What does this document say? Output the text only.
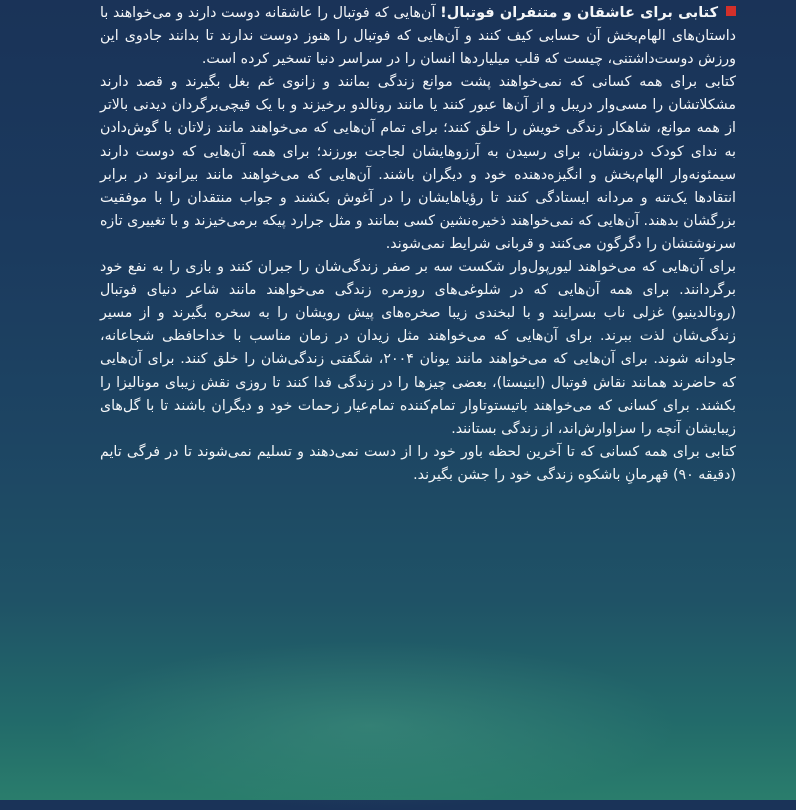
کتابی برای عاشقان و متنفران فوتبال! آن‌هایی که فوتبال را عاشقانه دوست دارند و می‌خواهند با داستان‌های الهام‌بخش آن حسابی کیف کنند و آن‌هایی که فوتبال را هنوز دوست ندارند تا بدانند جادوی این ورزش دوست‌داشتنی، چیست که قلب میلیاردها انسان را در سراسر دنیا تسخیر کرده است.

کتابی برای همه کسانی که نمی‌خواهند پشت موانع زندگی بمانند و زانوی غم بغل بگیرند و قصد دارند مشکلاتشان را مسی‌وار دریبل و از آن‌ها عبور کنند یا مانند رونالدو برخیزند و با یک قیچی‌برگردان دیدنی بالاتر از همه موانع، شاهکار زندگی خویش را خلق کنند؛ برای تمام آن‌هایی که می‌خواهند مانند زلاتان با گوش‌دادن به ندای کودک درونشان، برای رسیدن به آرزوهایشان لجاجت بورزند؛ برای همه آن‌هایی که دوست دارند سیمئونه‌وار الهام‌بخش و انگیزه‌دهنده خود و دیگران باشند. آن‌هایی که می‌خواهند مانند بیرانوند در برابر انتقادها یک‌تنه و مردانه ایستادگی کنند تا رؤیاهایشان را در آغوش بکشند و جواب منتقدان را با موفقیت بزرگشان بدهند. آن‌هایی که نمی‌خواهند ذخیره‌نشین کسی بمانند و مثل جرارد پیکه برمی‌خیزند و با تغییری تازه سرنوشتشان را دگرگون می‌کنند و قربانی شرایط نمی‌شوند.

برای آن‌هایی که می‌خواهند لیورپول‌وار شکست سه بر صفر زندگی‌شان را جبران کنند و بازی را به نفع خود برگردانند. برای همه آن‌هایی که در شلوغی‌های روزمره زندگی می‌خواهند مانند شاعر دنیای فوتبال (رونالدینیو) غزلی ناب بسرایند و با لبخندی زیبا صخره‌های پیش رویشان را به سخره بگیرند و از مسیر زندگی‌شان لذت ببرند. برای آن‌هایی که می‌خواهند مثل زیدان در زمان مناسب با خداحافظی شجاعانه، جاودانه شوند. برای آن‌هایی که می‌خواهند مانند یونان ۲۰۰۴، شگفتی زندگی‌شان را خلق کنند. برای آن‌هایی که حاضرند همانند نقاش فوتبال (اینیستا)، بعضی چیزها را در زندگی فدا کنند تا روزی نقش زیبای مونالیزا را بکشند. برای کسانی که می‌خواهند باتیستوتاوار تمام‌کننده تمام‌عیار زحمات خود و دیگران باشند تا با گل‌های زیبایشان آنچه را سزاوارش‌اند، از زندگی بستانند.

کتابی برای همه کسانی که تا آخرین لحظه باور خود را از دست نمی‌دهند و تسلیم نمی‌شوند تا در فرگی تایم (دقیقه ۹۰) قهرمانِ باشکوه زندگی خود را جشن بگیرند.
